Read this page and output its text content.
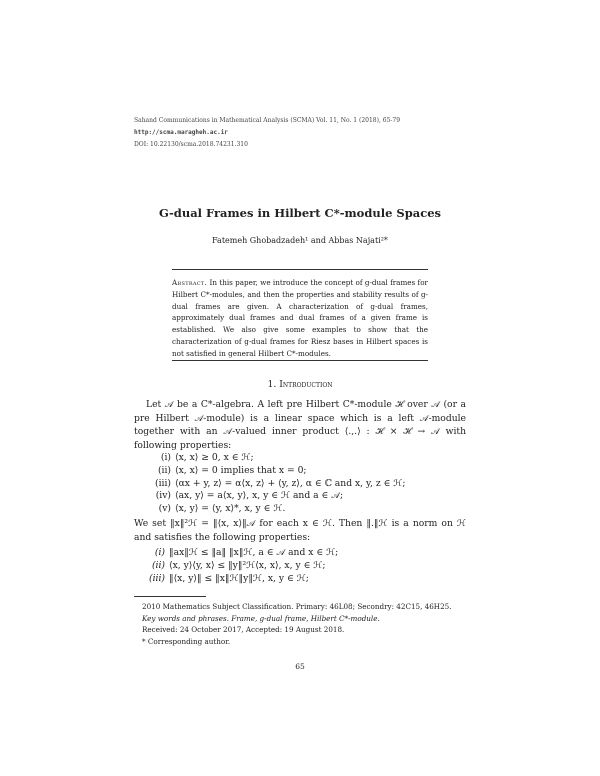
Sahand Communications in Mathematical Analysis (SCMA) Vol. 11, No. 1 (2018), 65-79
http://scma.maragheh.ac.ir
DOI: 10.22130/scma.2018.74231.310
G-dual Frames in Hilbert C*-module Spaces
Fatemeh Ghobadzadeh¹ and Abbas Najati²*
Abstract. In this paper, we introduce the concept of g-dual frames for Hilbert C*-modules, and then the properties and stability results of g-dual frames are given. A characterization of g-dual frames, approximately dual frames and dual frames of a given frame is established. We also give some examples to show that the characterization of g-dual frames for Riesz bases in Hilbert spaces is not satisfied in general Hilbert C*-modules.
1. Introduction
Let 𝒜 be a C*-algebra. A left pre Hilbert C*-module ℋ over 𝒜 (or a pre Hilbert 𝒜-module) is a linear space which is a left 𝒜-module together with an 𝒜-valued inner product ⟨.,.⟩ : ℋ × ℋ → 𝒜 with following properties:
(i) ⟨x, x⟩ ≥ 0, x ∈ ℋ;
(ii) ⟨x, x⟩ = 0 implies that x = 0;
(iii) ⟨αx + y, z⟩ = α⟨x, z⟩ + ⟨y, z⟩, α ∈ ℂ and x, y, z ∈ ℋ;
(iv) ⟨ax, y⟩ = a⟨x, y⟩, x, y ∈ ℋ and a ∈ 𝒜;
(v) ⟨x, y⟩ = ⟨y, x⟩*, x, y ∈ ℋ.
We set ‖x‖²ℋ = ‖⟨x, x⟩‖𝒜 for each x ∈ ℋ. Then ‖.‖ℋ is a norm on ℋ and satisfies the following properties:
(i) ‖ax‖ℋ ≤ ‖a‖ ‖x‖ℋ, a ∈ 𝒜 and x ∈ ℋ;
(ii) ⟨x, y⟩⟨y, x⟩ ≤ ‖y‖²ℋ⟨x, x⟩, x, y ∈ ℋ;
(iii) ‖⟨x, y⟩‖ ≤ ‖x‖ℋ‖y‖ℋ, x, y ∈ ℋ;
2010 Mathematics Subject Classification. Primary: 46L08; Secondry: 42C15, 46H25.
Key words and phrases. Frame, g-dual frame, Hilbert C*-module.
Received: 24 October 2017, Accepted: 19 August 2018.
* Corresponding author.
65
